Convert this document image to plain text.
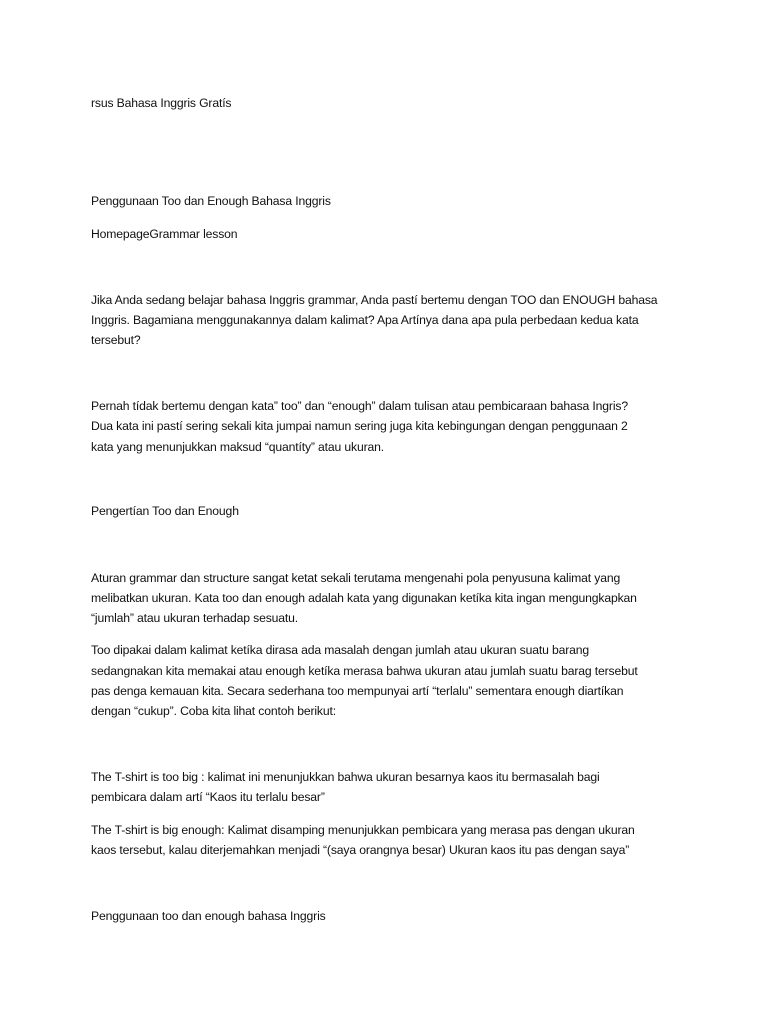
rsus Bahasa Inggris Gratís
Penggunaan Too dan Enough Bahasa Inggris
HomepageGrammar lesson
Jika Anda sedang belajar bahasa Inggris grammar, Anda pastí bertemu dengan TOO dan ENOUGH bahasa
Inggris. Bagamiana menggunakannya dalam kalimat? Apa Artínya dana apa pula perbedaan kedua kata
tersebut?
Pernah tídak bertemu dengan kata” too” dan “enough” dalam tulisan atau pembicaraan bahasa Ingris?
Dua kata ini pastí sering sekali kita jumpai namun sering juga kita kebingungan dengan penggunaan 2
kata yang menunjukkan maksud “quantíty” atau ukuran.
Pengertían Too dan Enough
Aturan grammar dan structure sangat ketat sekali terutama mengenahi pola penyusuna kalimat yang
melibatkan ukuran. Kata too dan enough adalah kata yang digunakan ketíka kita ingan mengungkapkan
“jumlah” atau ukuran terhadap sesuatu.
Too dipakai dalam kalimat ketíka dirasa ada masalah dengan jumlah atau ukuran suatu barang
sedangnakan kita memakai atau enough ketíka merasa bahwa ukuran atau jumlah suatu barag tersebut
pas denga kemauan kita. Secara sederhana too mempunyai artí “terlalu” sementara enough diartíkan
dengan “cukup”. Coba kita lihat contoh berikut:
The T-shirt is too big : kalimat ini menunjukkan bahwa ukuran besarnya kaos itu bermasalah bagi
pembicara dalam artí “Kaos itu terlalu besar”
The T-shirt is big enough: Kalimat disamping menunjukkan pembicara yang merasa pas dengan ukuran
kaos tersebut, kalau diterjemahkan menjadi “(saya orangnya besar) Ukuran kaos itu pas dengan saya”
Penggunaan too dan enough bahasa Inggris
